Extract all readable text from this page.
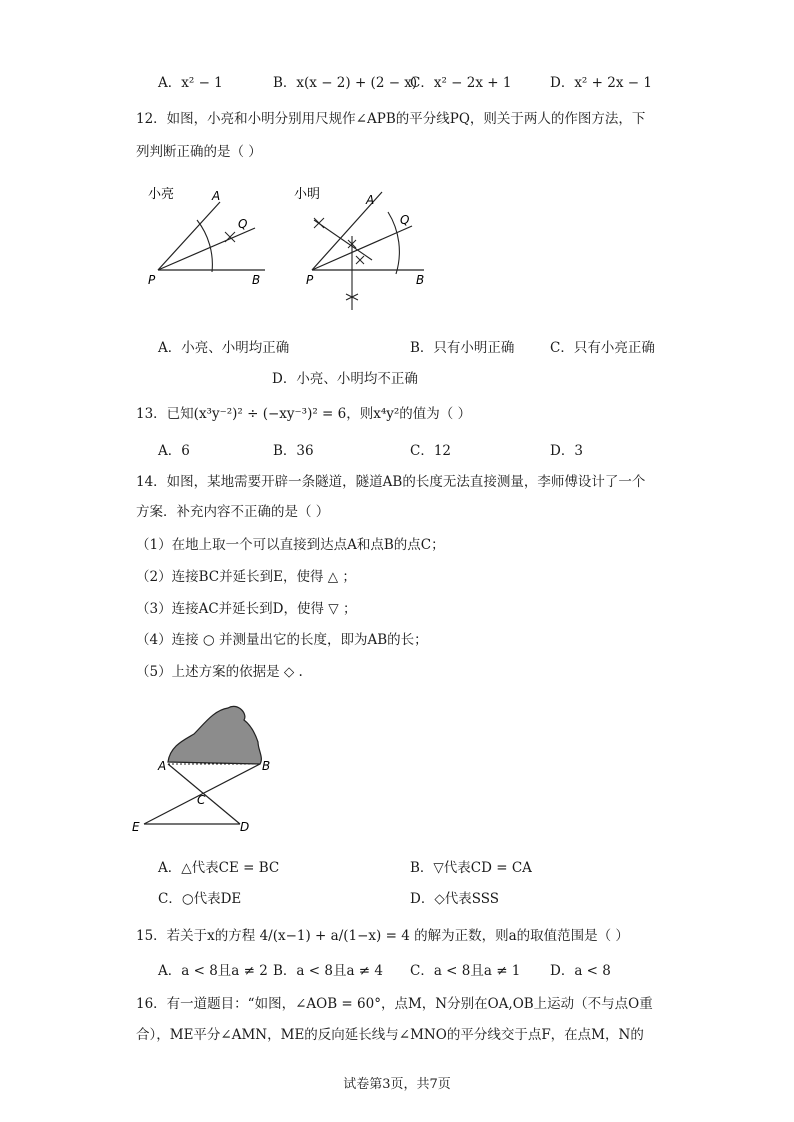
A．x² − 1	B．x(x − 2) + (2 − x)
C．x² − 2x + 1	D．x² + 2x − 1
12．如图，小亮和小明分别用尺规作∠APB的平分线PQ，则关于两人的作图方法，下
列判断正确的是（ ）
小亮	A
Q
P	B
小明	A
Q
P	B
A．小亮、小明均正确	B．只有小明正确	C．只有小亮正确
D．小亮、小明均不正确
13．已知(x³y⁻²)² ÷ (−xy⁻³)² = 6，则x⁴y²的值为（ ）
A．6	B．36	C．12	D．3
14．如图，某地需要开辟一条隧道，隧道AB的长度无法直接测量，李师傅设计了一个
方案．补充内容不正确的是（ ）
（1）在地上取一个可以直接到达点A和点B的点C；
（2）连接BC并延长到E，使得 △ ；
（3）连接AC并延长到D，使得 ▽ ；
（4）连接 ○ 并测量出它的长度，即为AB的长；
（5）上述方案的依据是 ◇ .
A	B
C
D
E
A．△代表CE = BC	B．▽代表CD = CA
C．○代表DE	D．◇代表SSS
15．若关于x的方程 4/(x−1) + a/(1−x) = 4 的解为正数，则a的取值范围是（ ）
A．a < 8且a ≠ 2 B．a < 8且a ≠ 4 C．a < 8且a ≠ 1 D．a < 8
16．有一道题目：“如图，∠AOB = 60°，点M，N分别在OA,OB上运动（不与点O重
合），ME平分∠AMN，ME的反向延长线与∠MNO的平分线交于点F，在点M，N的
试卷第3页，共7页
